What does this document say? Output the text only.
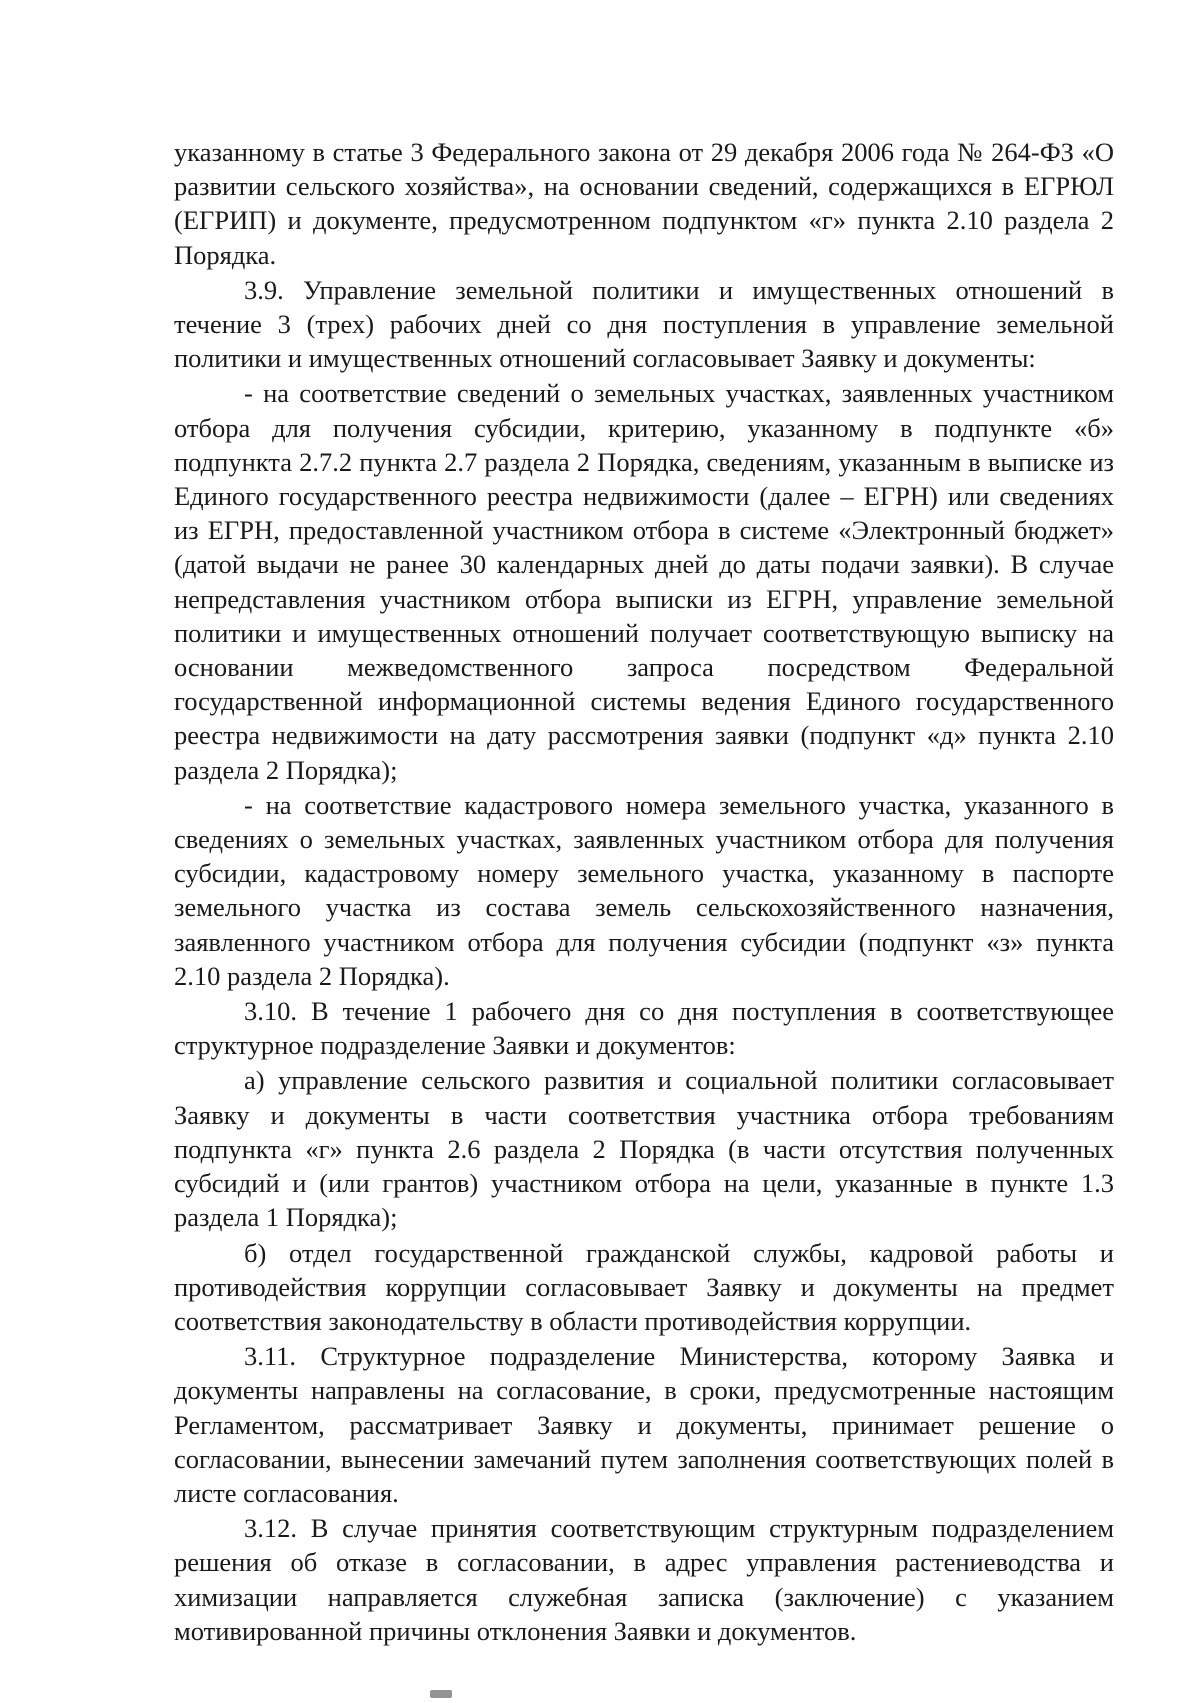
указанному в статье 3 Федерального закона от 29 декабря 2006 года № 264-ФЗ «О развитии сельского хозяйства», на основании сведений, содержащихся в ЕГРЮЛ (ЕГРИП) и документе, предусмотренном подпунктом «г» пункта 2.10 раздела 2 Порядка.

3.9. Управление земельной политики и имущественных отношений в течение 3 (трех) рабочих дней со дня поступления в управление земельной политики и имущественных отношений согласовывает Заявку и документы:

- на соответствие сведений о земельных участках, заявленных участником отбора для получения субсидии, критерию, указанному в подпункте «б» подпункта 2.7.2 пункта 2.7 раздела 2 Порядка, сведениям, указанным в выписке из Единого государственного реестра недвижимости (далее – ЕГРН) или сведениях из ЕГРН, предоставленной участником отбора в системе «Электронный бюджет» (датой выдачи не ранее 30 календарных дней до даты подачи заявки). В случае непредставления участником отбора выписки из ЕГРН, управление земельной политики и имущественных отношений получает соответствующую выписку на основании межведомственного запроса посредством Федеральной государственной информационной системы ведения Единого государственного реестра недвижимости на дату рассмотрения заявки (подпункт «д» пункта 2.10 раздела 2 Порядка);

- на соответствие кадастрового номера земельного участка, указанного в сведениях о земельных участках, заявленных участником отбора для получения субсидии, кадастровому номеру земельного участка, указанному в паспорте земельного участка из состава земель сельскохозяйственного назначения, заявленного участником отбора для получения субсидии (подпункт «з» пункта 2.10 раздела 2 Порядка).

3.10. В течение 1 рабочего дня со дня поступления в соответствующее структурное подразделение Заявки и документов:

а) управление сельского развития и социальной политики согласовывает Заявку и документы в части соответствия участника отбора требованиям подпункта «г» пункта 2.6 раздела 2 Порядка (в части отсутствия полученных субсидий и (или грантов) участником отбора на цели, указанные в пункте 1.3 раздела 1 Порядка);

б) отдел государственной гражданской службы, кадровой работы и противодействия коррупции согласовывает Заявку и документы на предмет соответствия законодательству в области противодействия коррупции.

3.11. Структурное подразделение Министерства, которому Заявка и документы направлены на согласование, в сроки, предусмотренные настоящим Регламентом, рассматривает Заявку и документы, принимает решение о согласовании, вынесении замечаний путем заполнения соответствующих полей в листе согласования.

3.12. В случае принятия соответствующим структурным подразделением решения об отказе в согласовании, в адрес управления растениеводства и химизации направляется служебная записка (заключение) с указанием мотивированной причины отклонения Заявки и документов.
